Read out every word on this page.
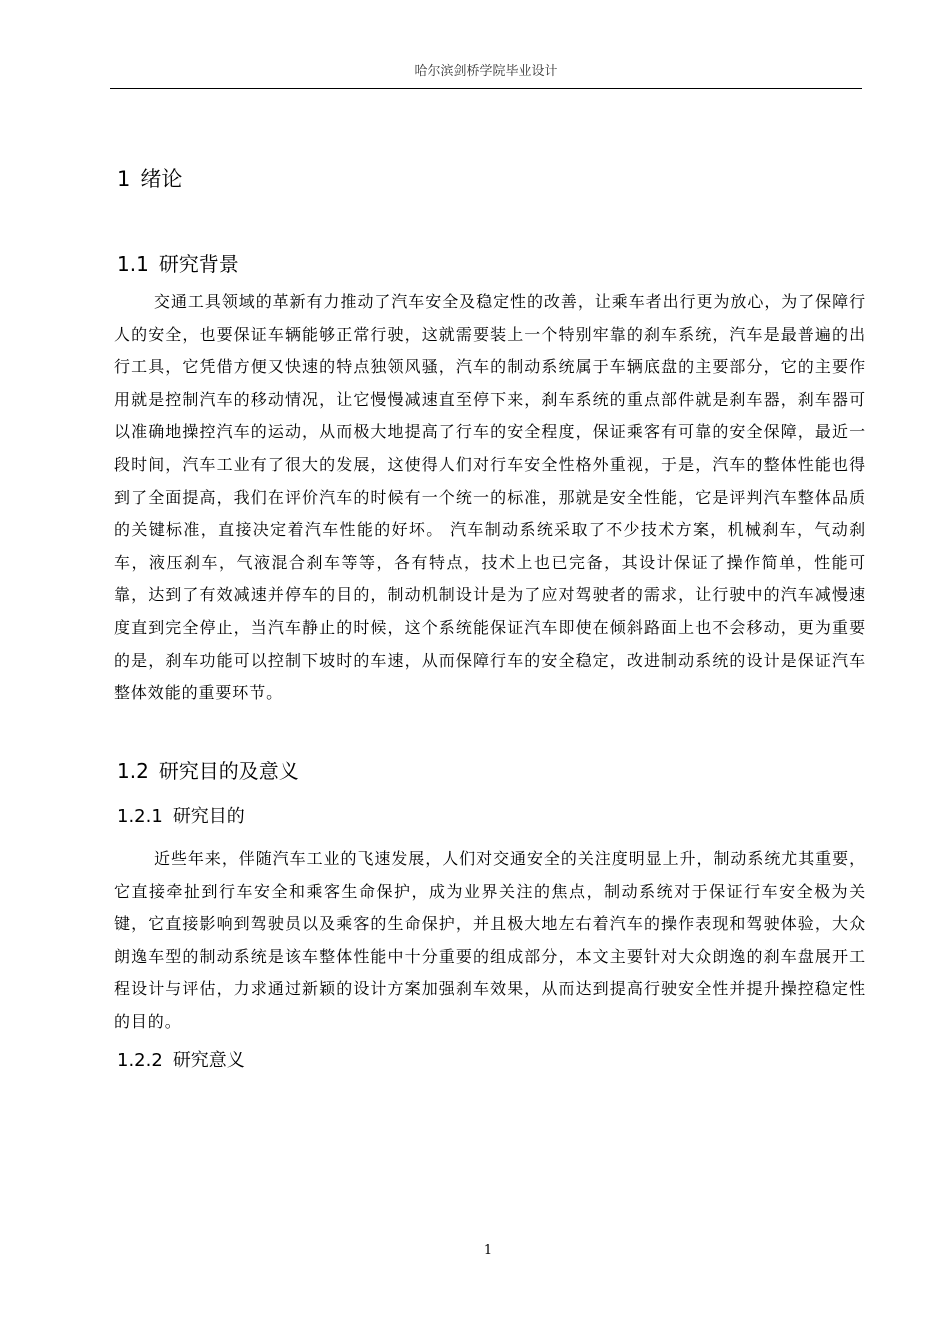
哈尔滨剑桥学院毕业设计
1 绪论
1.1 研究背景

交通工具领域的革新有力推动了汽车安全及稳定性的改善，让乘车者出行更为放心，为了保障行人的安全，也要保证车辆能够正常行驶，这就需要装上一个特别牢靠的刹车系统，汽车是最普遍的出行工具，它凭借方便又快速的特点独领风骚，汽车的制动系统属于车辆底盘的主要部分，它的主要作用就是控制汽车的移动情况，让它慢慢减速直至停下来，刹车系统的重点部件就是刹车器，刹车器可以准确地操控汽车的运动，从而极大地提高了行车的安全程度，保证乘客有可靠的安全保障，最近一段时间，汽车工业有了很大的发展，这使得人们对行车安全性格外重视，于是，汽车的整体性能也得到了全面提高，我们在评价汽车的时候有一个统一的标准，那就是安全性能，它是评判汽车整体品质的关键标准，直接决定着汽车性能的好坏。 汽车制动系统采取了不少技术方案，机械刹车，气动刹车，液压刹车，气液混合刹车等等，各有特点，技术上也已完备，其设计保证了操作简单，性能可靠，达到了有效减速并停车的目的，制动机制设计是为了应对驾驶者的需求，让行驶中的汽车减慢速度直到完全停止，当汽车静止的时候，这个系统能保证汽车即使在倾斜路面上也不会移动，更为重要的是，刹车功能可以控制下坡时的车速，从而保障行车的安全稳定，改进制动系统的设计是保证汽车整体效能的重要环节。

1.2 研究目的及意义
1.2.1 研究目的

近些年来，伴随汽车工业的飞速发展，人们对交通安全的关注度明显上升，制动系统尤其重要，它直接牵扯到行车安全和乘客生命保护，成为业界关注的焦点，制动系统对于保证行车安全极为关键，它直接影响到驾驶员以及乘客的生命保护，并且极大地左右着汽车的操作表现和驾驶体验，大众朗逸车型的制动系统是该车整体性能中十分重要的组成部分，本文主要针对大众朗逸的刹车盘展开工程设计与评估，力求通过新颖的设计方案加强刹车效果，从而达到提高行驶安全性并提升操控稳定性的目的。

1.2.2 研究意义
1
